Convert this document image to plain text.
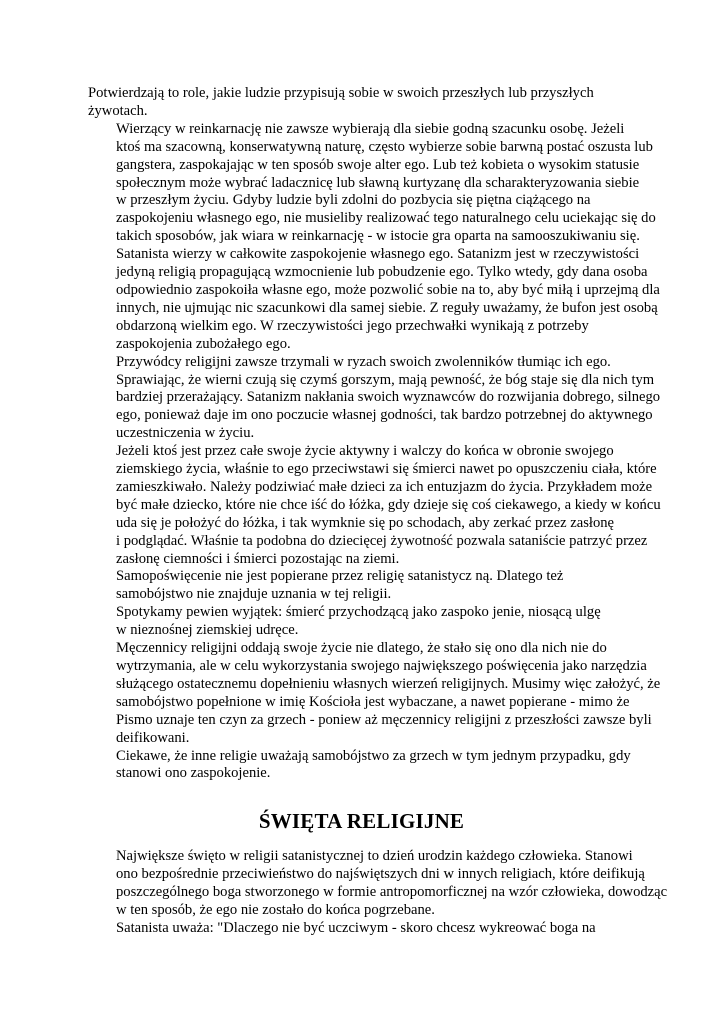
Potwierdzają to role, jakie ludzie przypisują sobie w swoich przeszłych lub przyszłych
żywotach.

Wierzący w reinkarnację nie zawsze wybierają dla siebie godną szacunku osobę. Jeżeli
ktoś ma szacowną, konserwatywną naturę, często wybierze sobie barwną postać oszusta lub
gangstera, zaspokajając w ten sposób swoje alter ego. Lub też kobieta o wysokim statusie
społecznym może wybrać ladacznicę lub sławną kurtyzanę dla scharakteryzowania siebie
w przeszłym życiu. Gdyby ludzie byli zdolni do pozbycia się piętna ciążącego na
zaspokojeniu własnego ego, nie musieliby realizować tego naturalnego celu uciekając się do
takich sposobów, jak wiara w reinkarnację - w istocie gra oparta na samooszukiwaniu się.

Satanista wierzy w całkowite zaspokojenie własnego ego. Satanizm jest w rzeczywistości
jedyną religią propagującą wzmocnienie lub pobudzenie ego. Tylko wtedy, gdy dana osoba
odpowiednio zaspokoiła własne ego, może pozwolić sobie na to, aby być miłą i uprzejmą dla
innych, nie ujmując nic szacunkowi dla samej siebie. Z reguły uważamy, że bufon jest osobą
obdarzoną wielkim ego. W rzeczywistości jego przechwałki wynikają z potrzeby
zaspokojenia zubożałego ego.

Przywódcy religijni zawsze trzymali w ryzach swoich zwolenników tłumiąc ich ego.
Sprawiając, że wierni czują się czymś gorszym, mają pewność, że bóg staje się dla nich tym
bardziej przerażający. Satanizm nakłania swoich wyznawców do rozwijania dobrego, silnego
ego, ponieważ daje im ono poczucie własnej godności, tak bardzo potrzebnej do aktywnego
uczestniczenia w życiu.

Jeżeli ktoś jest przez całe swoje życie aktywny i walczy do końca w obronie swojego
ziemskiego życia, właśnie to ego przeciwstawi się śmierci nawet po opuszczeniu ciała, które
zamieszkiwało. Należy podziwiać małe dzieci za ich entuzjazm do życia. Przykładem może
być małe dziecko, które nie chce iść do łóżka, gdy dzieje się coś ciekawego, a kiedy w końcu
uda się je położyć do łóżka, i tak wymknie się po schodach, aby zerkać przez zasłonę
i podglądać. Właśnie ta podobna do dziecięcej żywotność pozwala sataniście patrzyć przez
zasłonę ciemności i śmierci pozostając na ziemi.

Samopoświęcenie nie jest popierane przez religię satanistycz ną. Dlatego też
samobójstwo nie znajduje uznania w tej religii.

Spotykamy pewien wyjątek: śmierć przychodzącą jako zaspoko jenie, niosącą ulgę
w nieznośnej ziemskiej udręce.

Męczennicy religijni oddają swoje życie nie dlatego, że stało się ono dla nich nie do
wytrzymania, ale w celu wykorzystania swojego największego poświęcenia jako narzędzia
służącego ostatecznemu dopełnieniu własnych wierzeń religijnych. Musimy więc założyć, że
samobójstwo popełnione w imię Kościoła jest wybaczane, a nawet popierane - mimo że
Pismo uznaje ten czyn za grzech - poniew aż męczennicy religijni z przeszłości zawsze byli
deifikowani.

Ciekawe, że inne religie uważają samobójstwo za grzech w tym jednym przypadku, gdy
stanowi ono zaspokojenie.

ŚWIĘTA RELIGIJNE

Największe święto w religii satanistycznej to dzień urodzin każdego człowieka. Stanowi
ono bezpośrednie przeciwieństwo do najświętszych dni w innych religiach, które deifikują
poszczególnego boga stworzonego w formie antropomorficznej na wzór człowieka, dowodząc
w ten sposób, że ego nie zostało do końca pogrzebane.

Satanista uważa: "Dlaczego nie być uczciwym - skoro chcesz wykreować boga na
